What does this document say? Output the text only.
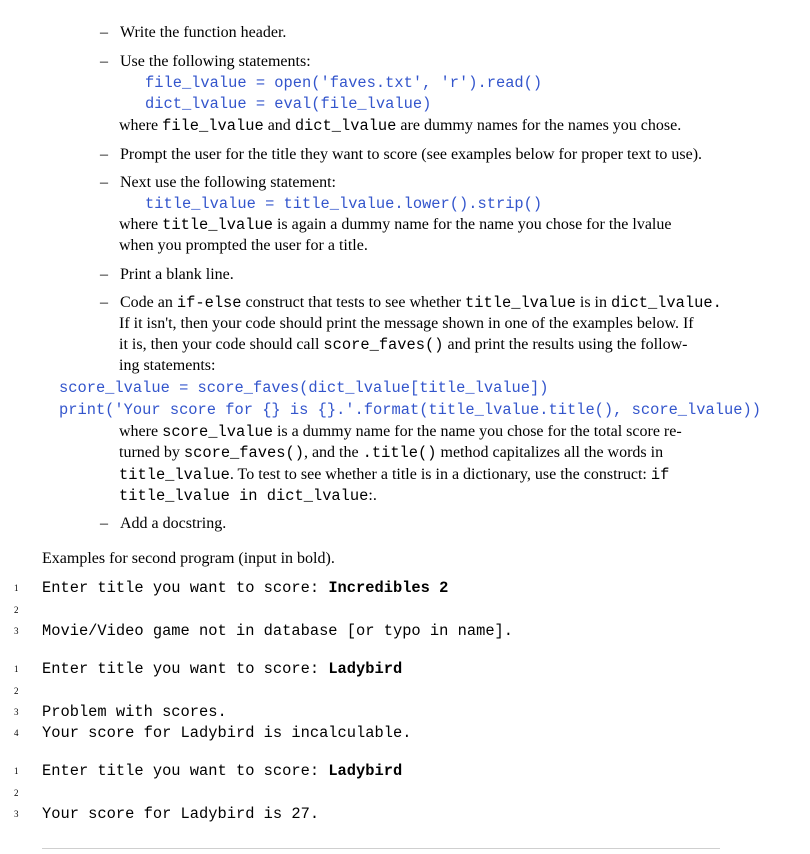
– Write the function header.
– Use the following statements:
file_lvalue = open('faves.txt', 'r').read()
dict_lvalue = eval(file_lvalue)
where file_lvalue and dict_lvalue are dummy names for the names you chose.
– Prompt the user for the title they want to score (see examples below for proper text to use).
– Next use the following statement:
title_lvalue = title_lvalue.lower().strip()
where title_lvalue is again a dummy name for the name you chose for the lvalue
when you prompted the user for a title.
– Print a blank line.
– Code an if-else construct that tests to see whether title_lvalue is in dict_lvalue.
If it isn't, then your code should print the message shown in one of the examples below. If
it is, then your code should call score_faves() and print the results using the follow-
ing statements:
score_lvalue = score_faves(dict_lvalue[title_lvalue])
print('Your score for {} is {}.'.format(title_lvalue.title(), score_lvalue))
where score_lvalue is a dummy name for the name you chose for the total score re-
turned by score_faves(), and the .title() method capitalizes all the words in
title_lvalue. To test to see whether a title is in a dictionary, use the construct: if
title_lvalue in dict_lvalue:.
– Add a docstring.
Examples for second program (input in bold).
1 Enter title you want to score: Incredibles 2
2
3 Movie/Video game not in database [or typo in name].
1 Enter title you want to score: Ladybird
2
3 Problem with scores.
4 Your score for Ladybird is incalculable.
1 Enter title you want to score: Ladybird
2
3 Your score for Ladybird is 27.
